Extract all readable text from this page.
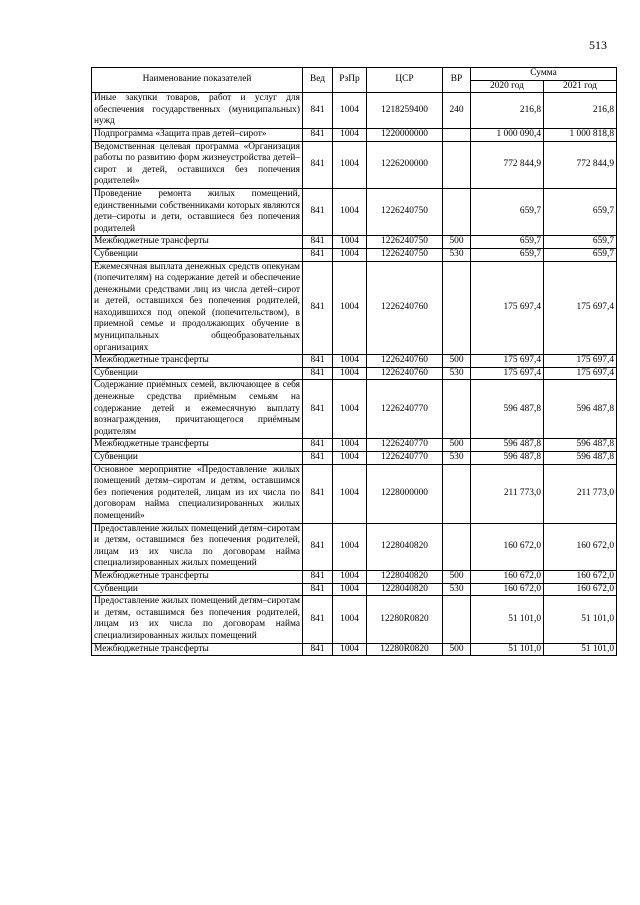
513
Наименование показателей	Вед	РзПр	ЦСР	ВР	Сумма	
					2020 год	2021 год
Иные закупки товаров, работ и услуг для обеспечения государственных (муниципальных) нужд	841	1004	1218259400	240	216,8	216,8
Подпрограмма «Защита прав детей–сирот»	841	1004	1220000000		1 000 090,4	1 000 818,8
Ведомственная целевая программа «Организация работы по развитию форм жизнеустройства детей–сирот и детей, оставшихся без попечения родителей»	841	1004	1226200000		772 844,9	772 844,9
Проведение ремонта жилых помещений, единственными собственниками которых являются дети–сироты и дети, оставшиеся без попечения родителей	841	1004	1226240750		659,7	659,7
Межбюджетные трансферты	841	1004	1226240750	500	659,7	659,7
Субвенции	841	1004	1226240750	530	659,7	659,7
Ежемесячная выплата денежных средств опекунам (попечителям) на содержание детей и обеспечение денежными средствами лиц из числа детей–сирот и детей, оставшихся без попечения родителей, находившихся под опекой (попечительством), в приемной семье и продолжающих обучение в муниципальных общеобразовательных организациях	841	1004	1226240760		175 697,4	175 697,4
Межбюджетные трансферты	841	1004	1226240760	500	175 697,4	175 697,4
Субвенции	841	1004	1226240760	530	175 697,4	175 697,4
Содержание приёмных семей, включающее в себя денежные средства приёмным семьям на содержание детей и ежемесячную выплату вознаграждения, причитающегося приёмным родителям	841	1004	1226240770		596 487,8	596 487,8
Межбюджетные трансферты	841	1004	1226240770	500	596 487,8	596 487,8
Субвенции	841	1004	1226240770	530	596 487,8	596 487,8
Основное мероприятие «Предоставление жилых помещений детям–сиротам и детям, оставшимся без попечения родителей, лицам из их числа по договорам найма специализированных жилых помещений»	841	1004	1228000000		211 773,0	211 773,0
Предоставление жилых помещений детям–сиротам и детям, оставшимся без попечения родителей, лицам из их числа по договорам найма специализированных жилых помещений	841	1004	1228040820		160 672,0	160 672,0
Межбюджетные трансферты	841	1004	1228040820	500	160 672,0	160 672,0
Субвенции	841	1004	1228040820	530	160 672,0	160 672,0
Предоставление жилых помещений детям–сиротам и детям, оставшимся без попечения родителей, лицам из их числа по договорам найма специализированных жилых помещений	841	1004	12280R0820		51 101,0	51 101,0
Межбюджетные трансферты	841	1004	12280R0820	500	51 101,0	51 101,0
